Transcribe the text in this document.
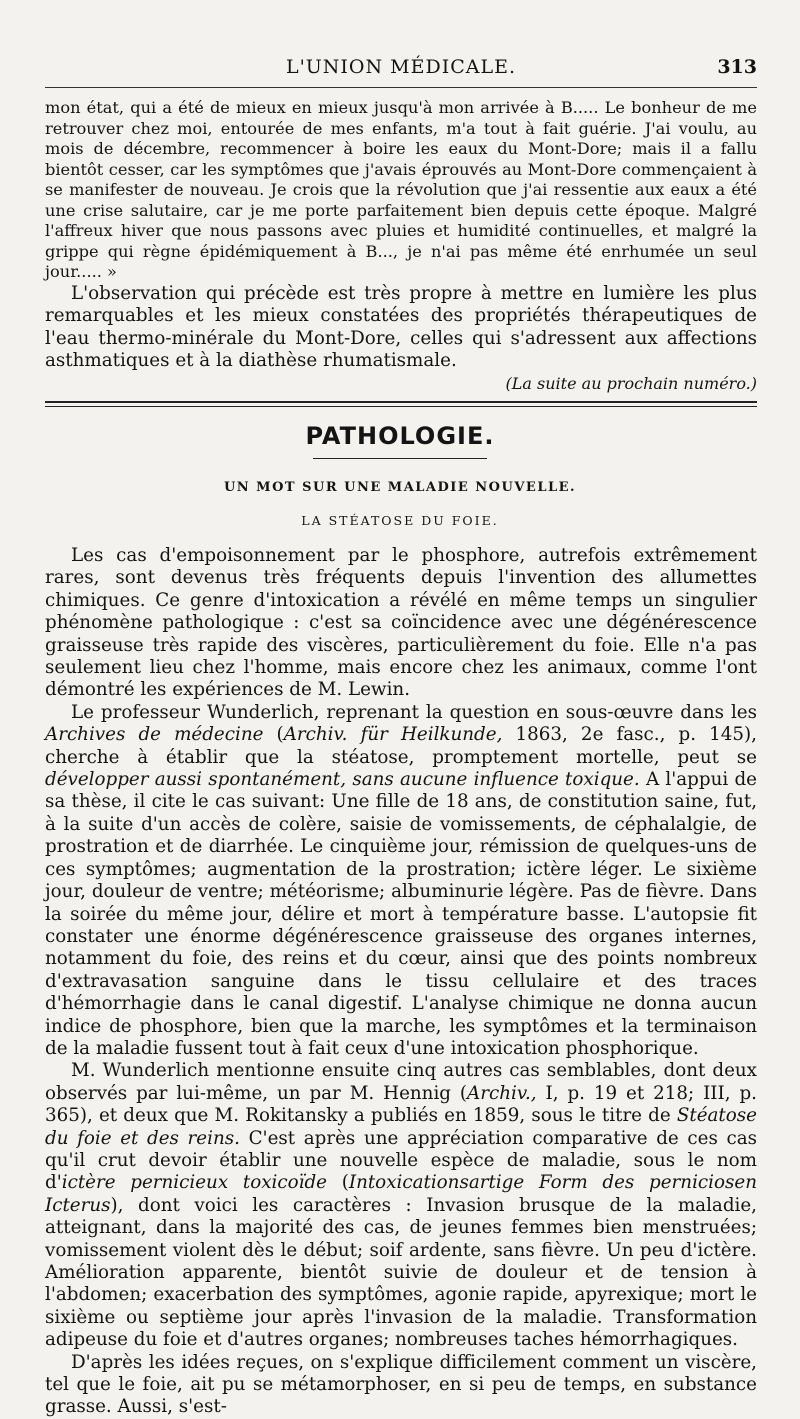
L'UNION MÉDICALE.	313

mon état, qui a été de mieux en mieux jusqu'à mon arrivée à B..... Le bonheur de me retrouver chez moi, entourée de mes enfants, m'a tout à fait guérie. J'ai voulu, au mois de décembre, recommencer à boire les eaux du Mont-Dore; mais il a fallu bientôt cesser, car les symptômes que j'avais éprouvés au Mont-Dore commençaient à se manifester de nouveau. Je crois que la révolution que j'ai ressentie aux eaux a été une crise salutaire, car je me porte parfaitement bien depuis cette époque. Malgré l'affreux hiver que nous passons avec pluies et humidité continuelles, et malgré la grippe qui règne épidémiquement à B..., je n'ai pas même été enrhumée un seul jour..... »

L'observation qui précède est très propre à mettre en lumière les plus remarquables et les mieux constatées des propriétés thérapeutiques de l'eau thermo-minérale du Mont-Dore, celles qui s'adressent aux affections asthmatiques et à la diathèse rhumatismale.

(La suite au prochain numéro.)

PATHOLOGIE.
UN MOT SUR UNE MALADIE NOUVELLE.
LA STÉATOSE DU FOIE.

Les cas d'empoisonnement par le phosphore, autrefois extrêmement rares, sont devenus très fréquents depuis l'invention des allumettes chimiques. Ce genre d'intoxication a révélé en même temps un singulier phénomène pathologique : c'est sa coïncidence avec une dégénérescence graisseuse très rapide des viscères, particulièrement du foie. Elle n'a pas seulement lieu chez l'homme, mais encore chez les animaux, comme l'ont démontré les expériences de M. Lewin.

Le professeur Wunderlich, reprenant la question en sous-œuvre dans les Archives de médecine (Archiv. für Heilkunde, 1863, 2e fasc., p. 145), cherche à établir que la stéatose, promptement mortelle, peut se développer aussi spontanément, sans aucune influence toxique. A l'appui de sa thèse, il cite le cas suivant: Une fille de 18 ans, de constitution saine, fut, à la suite d'un accès de colère, saisie de vomissements, de céphalalgie, de prostration et de diarrhée. Le cinquième jour, rémission de quelques-uns de ces symptômes; augmentation de la prostration; ictère léger. Le sixième jour, douleur de ventre; météorisme; albuminurie légère. Pas de fièvre. Dans la soirée du même jour, délire et mort à température basse. L'autopsie fit constater une énorme dégénérescence graisseuse des organes internes, notamment du foie, des reins et du cœur, ainsi que des points nombreux d'extravasation sanguine dans le tissu cellulaire et des traces d'hémorrhagie dans le canal digestif. L'analyse chimique ne donna aucun indice de phosphore, bien que la marche, les symptômes et la terminaison de la maladie fussent tout à fait ceux d'une intoxication phosphorique.

M. Wunderlich mentionne ensuite cinq autres cas semblables, dont deux observés par lui-même, un par M. Hennig (Archiv., I, p. 19 et 218; III, p. 365), et deux que M. Rokitansky a publiés en 1859, sous le titre de Stéatose du foie et des reins. C'est après une appréciation comparative de ces cas qu'il crut devoir établir une nouvelle espèce de maladie, sous le nom d'ictère pernicieux toxicoïde (Intoxicationsartige Form des perniciosen Icterus), dont voici les caractères : Invasion brusque de la maladie, atteignant, dans la majorité des cas, de jeunes femmes bien menstruées; vomissement violent dès le début; soif ardente, sans fièvre. Un peu d'ictère. Amélioration apparente, bientôt suivie de douleur et de tension à l'abdomen; exacerbation des symptômes, agonie rapide, apyrexique; mort le sixième ou septième jour après l'invasion de la maladie. Transformation adipeuse du foie et d'autres organes; nombreuses taches hémorrhagiques.

D'après les idées reçues, on s'explique difficilement comment un viscère, tel que le foie, ait pu se métamorphoser, en si peu de temps, en substance grasse. Aussi, s'est-
